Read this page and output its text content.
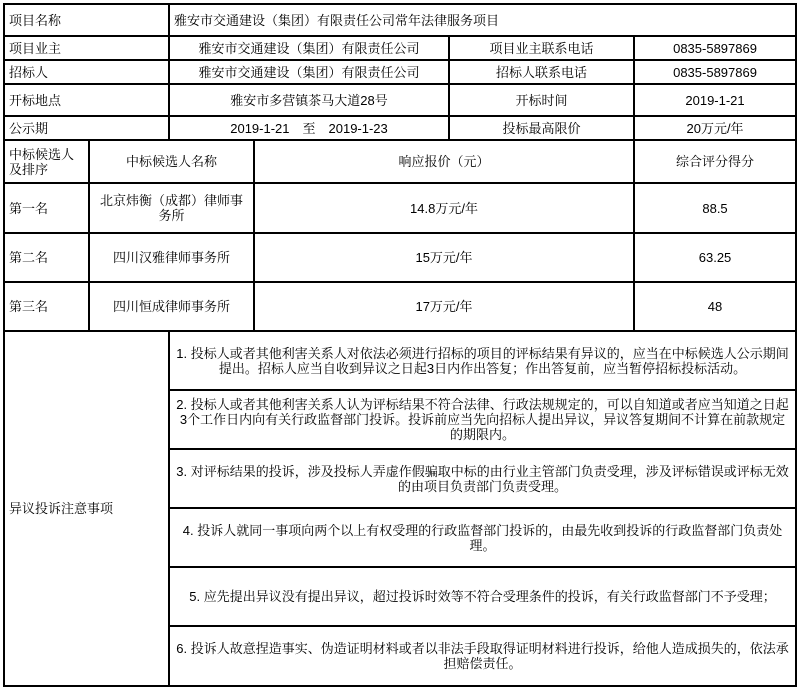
项目名称		雅安市交通建设（集团）有限责任公司常年法律服务项目			
项目业主		雅安市交通建设（集团）有限责任公司		项目业主联系电话	0835-5897869
招标人		雅安市交通建设（集团）有限责任公司		招标人联系电话	0835-5897869
开标地点		雅安市多营镇茶马大道28号		开标时间	2019-1-21
公示期		2019-1-21　至　2019-1-23		投标最高限价	20万元/年
中标候选人及排序	中标候选人名称		响应报价（元）		综合评分得分
第一名	北京炜衡（成都）律师事务所		14.8万元/年		88.5
第二名	四川汉雅律师事务所		15万元/年		63.25
第三名	四川恒成律师事务所		17万元/年		48
异议投诉注意事项		1. 投标人或者其他利害关系人对依法必须进行招标的项目的评标结果有异议的，应当在中标候选人公示期间提出。招标人应当自收到异议之日起3日内作出答复；作出答复前，应当暂停招标投标活动。			
		2. 投标人或者其他利害关系人认为评标结果不符合法律、行政法规规定的，可以自知道或者应当知道之日起3个工作日内向有关行政监督部门投诉。投诉前应当先向招标人提出异议，异议答复期间不计算在前款规定的期限内。			
		3. 对评标结果的投诉，涉及投标人弄虚作假骗取中标的由行业主管部门负责受理，涉及评标错误或评标无效的由项目负责部门负责受理。			
		4. 投诉人就同一事项向两个以上有权受理的行政监督部门投诉的，由最先收到投诉的行政监督部门负责处理。			
		5. 应先提出异议没有提出异议，超过投诉时效等不符合受理条件的投诉，有关行政监督部门不予受理；			
		6. 投诉人故意捏造事实、伪造证明材料或者以非法手段取得证明材料进行投诉，给他人造成损失的，依法承担赔偿责任。			
